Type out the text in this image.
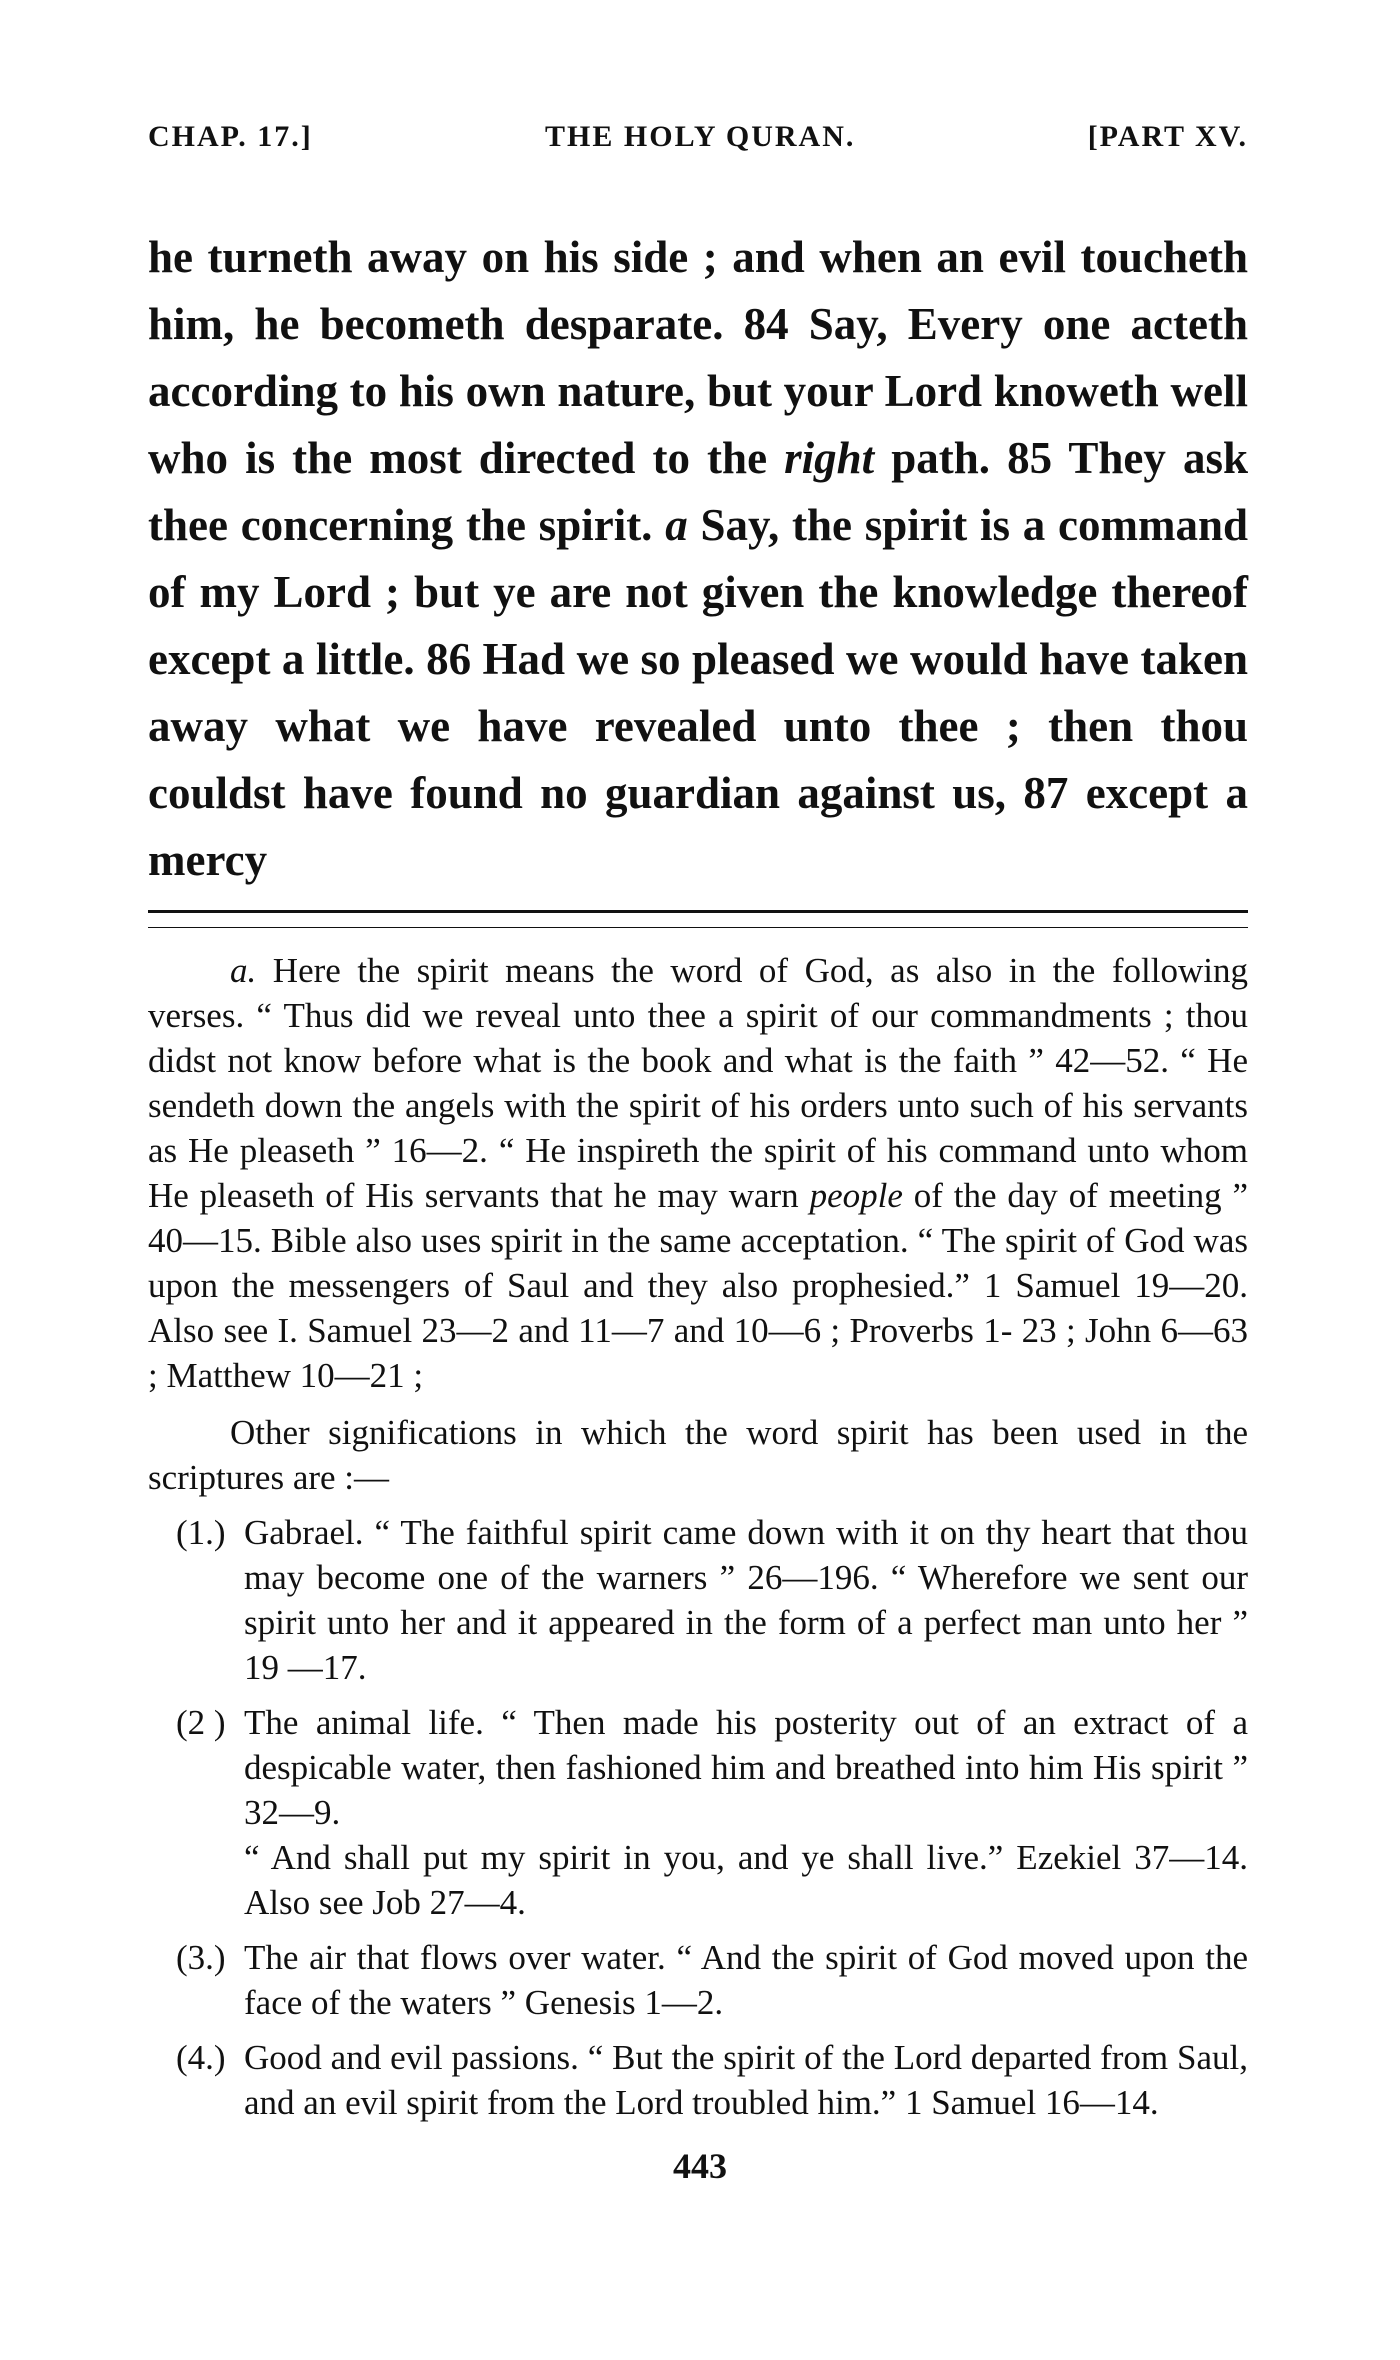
CHAP. 17.]	THE HOLY QURAN.	[PART XV.

he turneth away on his side ; and when an evil toucheth him, he becometh desparate. 84 Say, Every one acteth according to his own nature, but your Lord knoweth well who is the most directed to the right path. 85 They ask thee concerning the spirit. a Say, the spirit is a command of my Lord ; but ye are not given the knowledge thereof except a little. 86 Had we so pleased we would have taken away what we have revealed unto thee ; then thou couldst have found no guardian against us, 87 except a mercy

a. Here the spirit means the word of God, as also in the following verses. “ Thus did we reveal unto thee a spirit of our commandments ; thou didst not know before what is the book and what is the faith ” 42—52. “ He sendeth down the angels with the spirit of his orders unto such of his servants as He pleaseth ” 16—2. “ He inspireth the spirit of his command unto whom He pleaseth of His servants that he may warn people of the day of meeting ” 40—15. Bible also uses spirit in the same acceptation. “ The spirit of God was upon the messengers of Saul and they also prophesied.” 1 Samuel 19—20. Also see I. Samuel 23—2 and 11—7 and 10—6 ; Proverbs 1- 23 ; John 6—63 ; Matthew 10—21 ;

Other significations in which the word spirit has been used in the scriptures are :—

(1.) Gabrael. “ The faithful spirit came down with it on thy heart that thou may become one of the warners ” 26—196. “ Wherefore we sent our spirit unto her and it appeared in the form of a perfect man unto her ” 19 —17.

(2 ) The animal life. “ Then made his posterity out of an extract of a despicable water, then fashioned him and breathed into him His spirit ” 32—9.

“ And shall put my spirit in you, and ye shall live.” Ezekiel 37—14. Also see Job 27—4.

(3.) The air that flows over water. “ And the spirit of God moved upon the face of the waters ” Genesis 1—2.

(4.) Good and evil passions. “ But the spirit of the Lord departed from Saul, and an evil spirit from the Lord troubled him.” 1 Samuel 16—14.

443
